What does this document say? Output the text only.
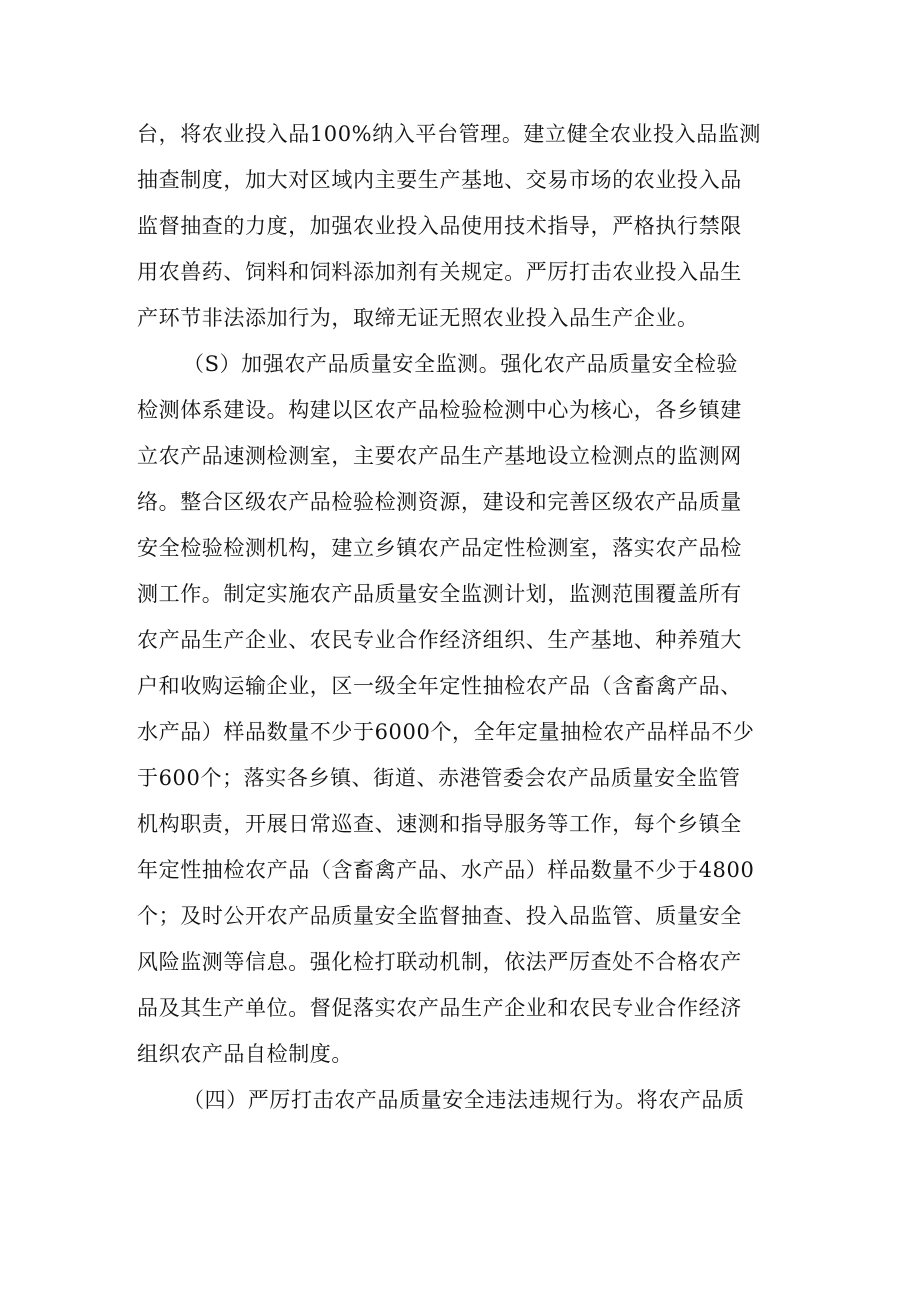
台，将农业投入品100%纳入平台管理。建立健全农业投入品监测
抽查制度，加大对区域内主要生产基地、交易市场的农业投入品
监督抽查的力度，加强农业投入品使用技术指导，严格执行禁限
用农兽药、饲料和饲料添加剂有关规定。严厉打击农业投入品生
产环节非法添加行为，取缔无证无照农业投入品生产企业。
（S）加强农产品质量安全监测。强化农产品质量安全检验
检测体系建设。构建以区农产品检验检测中心为核心，各乡镇建
立农产品速测检测室，主要农产品生产基地设立检测点的监测网
络。整合区级农产品检验检测资源，建设和完善区级农产品质量
安全检验检测机构，建立乡镇农产品定性检测室，落实农产品检
测工作。制定实施农产品质量安全监测计划，监测范围覆盖所有
农产品生产企业、农民专业合作经济组织、生产基地、种养殖大
户和收购运输企业，区一级全年定性抽检农产品（含畜禽产品、
水产品）样品数量不少于6000个，全年定量抽检农产品样品不少
于600个；落实各乡镇、街道、赤港管委会农产品质量安全监管
机构职责，开展日常巡查、速测和指导服务等工作，每个乡镇全
年定性抽检农产品（含畜禽产品、水产品）样品数量不少于4800
个；及时公开农产品质量安全监督抽查、投入品监管、质量安全
风险监测等信息。强化检打联动机制，依法严厉查处不合格农产
品及其生产单位。督促落实农产品生产企业和农民专业合作经济
组织农产品自检制度。
（四）严厉打击农产品质量安全违法违规行为。将农产品质
